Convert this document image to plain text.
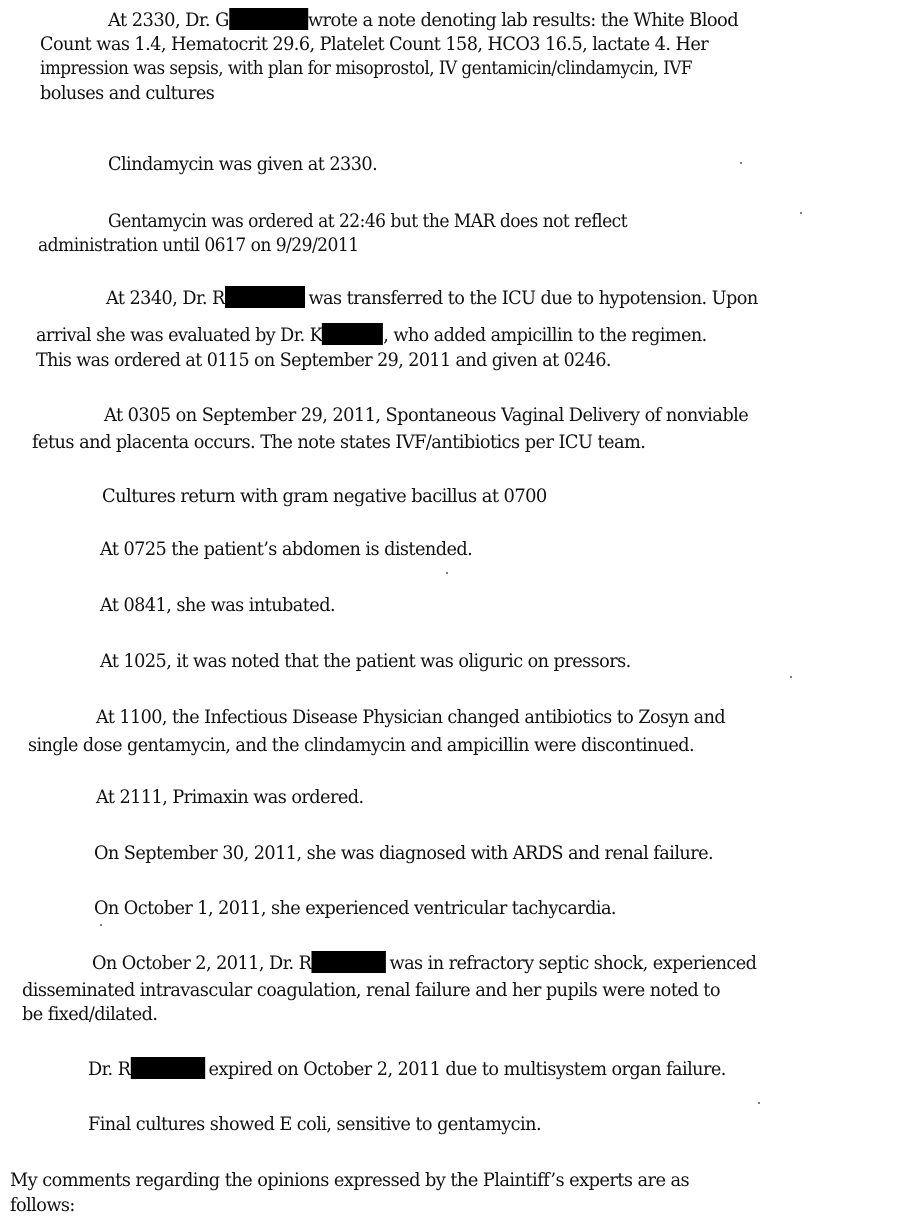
At 2330, Dr. G	wrote a note denoting lab results: the White Blood
Count was 1.4, Hematocrit 29.6, Platelet Count 158, HCO3 16.5, lactate 4. Her
impression was sepsis, with plan for misoprostol, IV gentamicin/clindamycin, IVF
boluses and cultures
Clindamycin was given at 2330.
Gentamycin was ordered at 22:46 but the MAR does not reflect
administration until 0617 on 9/29/2011
At 2340, Dr. R	was transferred to the ICU due to hypotension. Upon
arrival she was evaluated by Dr. K	, who added ampicillin to the regimen.
This was ordered at 0115 on September 29, 2011 and given at 0246.
At 0305 on September 29, 2011, Spontaneous Vaginal Delivery of nonviable
fetus and placenta occurs. The note states IVF/antibiotics per ICU team.
Cultures return with gram negative bacillus at 0700
At 0725 the patient’s abdomen is distended.
At 0841, she was intubated.
At 1025, it was noted that the patient was oliguric on pressors.
At 1100, the Infectious Disease Physician changed antibiotics to Zosyn and
single dose gentamycin, and the clindamycin and ampicillin were discontinued.
At 2111, Primaxin was ordered.
On September 30, 2011, she was diagnosed with ARDS and renal failure.
On October 1, 2011, she experienced ventricular tachycardia.
On October 2, 2011, Dr. R	was in refractory septic shock, experienced
disseminated intravascular coagulation, renal failure and her pupils were noted to
be fixed/dilated.
Dr. R	expired on October 2, 2011 due to multisystem organ failure.
Final cultures showed E coli, sensitive to gentamycin.
My comments regarding the opinions expressed by the Plaintiff’s experts are as
follows:
